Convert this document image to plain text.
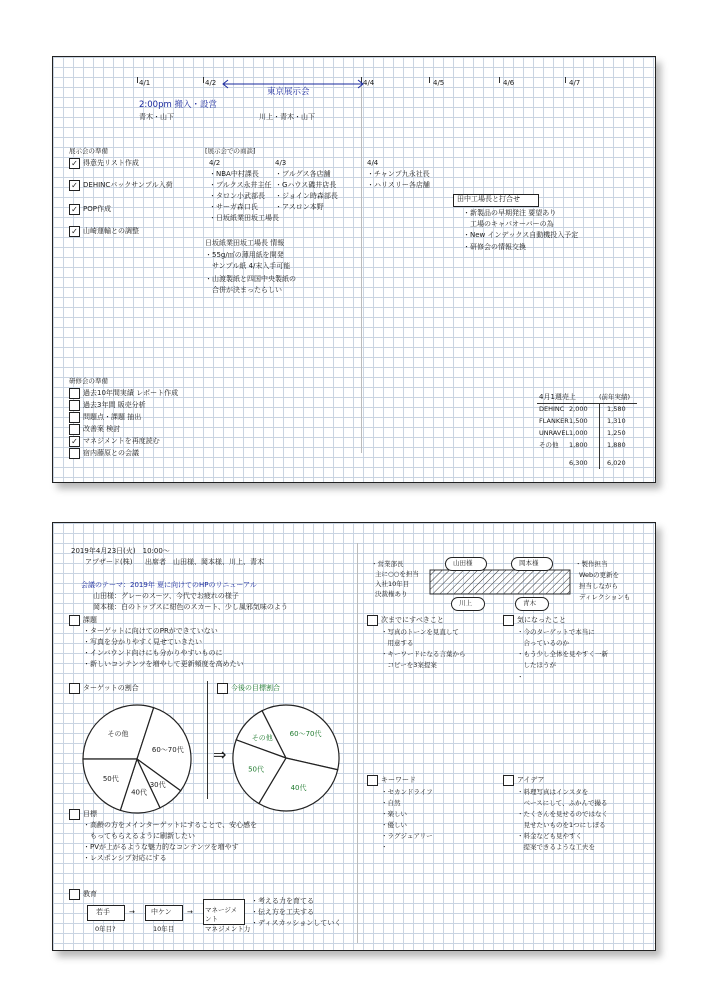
4/1	4/2	4/4	4/5	4/6	4/7
東京展示会
2:00pm 搬入・設営
青木・山下	川上・青木・山下
展示会の準備
✓ 得意先リスト作成
✓ DEHINCパックサンプル入荷
✓ POP作成
✓ 山崎運輸との調整
[展示会での商談]
4/2
・NBA中村課長
・ブルクス永井主任
・タロン小武部長
・サーガ森口氏
・日坂紙業田坂工場長
4/3
・ブルグス各店舗
・Gハウス磯井店長
・ジョイン時森部長
・アスロン本野
4/4
・チャンプ九永社長
・ハリスリー各店舗
日坂紙業田坂工場長 情報
・55g/㎡の薄用紙を開発
　サンプル紙 4/末入手可能
・山渡製紙と四国中央製紙の
　合併が決まったらしい
田中工場長と打合せ
・新製品の早期発注 要望あり
　工場のキャパオーバーの為
・New インデックス自動機投入予定
・研修会の情報交換
研修会の準備
過去10年間実績 レポート作成
過去3年間 販売分析
問題点・課題 抽出
改善案 検討
✓ マネジメントを再度読む
宿内藤原との会議
4月1週売上	(前年実績)
DEHINC 2,000	1,580
FLANKER 1,500	1,310
UNRAVEL 1,000	1,250
その他 1,800	1,880
6,300	6,020
2019年4月23日(火)　10:00〜
アプザード(株) 出席者 山田様、岡本様、川上、青木
会議のテーマ：2019年 夏に向けてのHPのリニューアル
山田様：グレーのスーツ、今代でお疲れの様子
岡本様：白のトップスに紺色のスカート、少し風邪気味のよう
課題
・ターゲットに向けてのPRができていない
・写真を分かりやすく見せていきたい
・インバウンド向けにも分かりやすいものに
・新しいコンテンツを増やして更新頻度を高めたい
ターゲットの割合	今後の目標割合
その他
60〜70代
30代
40代
50代
⇒
その他 60〜70代
40代
50代
目標
・高齢の方をメインターゲットにすることで、安心感を
　もってもらえるように刷新したい
・PVが上がるような魅力的なコンテンツを増やす
・レスポンシブ対応にする
教育
若手	→ 中ケン → マネージメント
0年目?	10年目	マネジメント力
・考える力を育てる
・伝え方を工夫する
・ディスカッションしていく
・営業部長
主に○○を担当
入社10年目
決裁権あり
山田様	岡本様
川上	青木
・製作担当
Webの更新を
担当しながら
ディレクションも
次までにすべきこと
・写真のトーンを見直して
　用意する
・キーワードになる言葉から
　コピーを3案提案
気になったこと
・今のターゲットで本当に
　合っているのか
・もう少し全体を見やすく一新
　したほうが
・
キーワード
・セカンドライフ
・自然
・楽しい
・優しい
・ラグジュアリー
・
アイデア
・料理写真はインスタを
　ベースにして、ふかんで撮る
・たくさんを見せるのではなく
　見せたいものを1つにしぼる
・料金なども見やすく
　提案できるような工夫を
